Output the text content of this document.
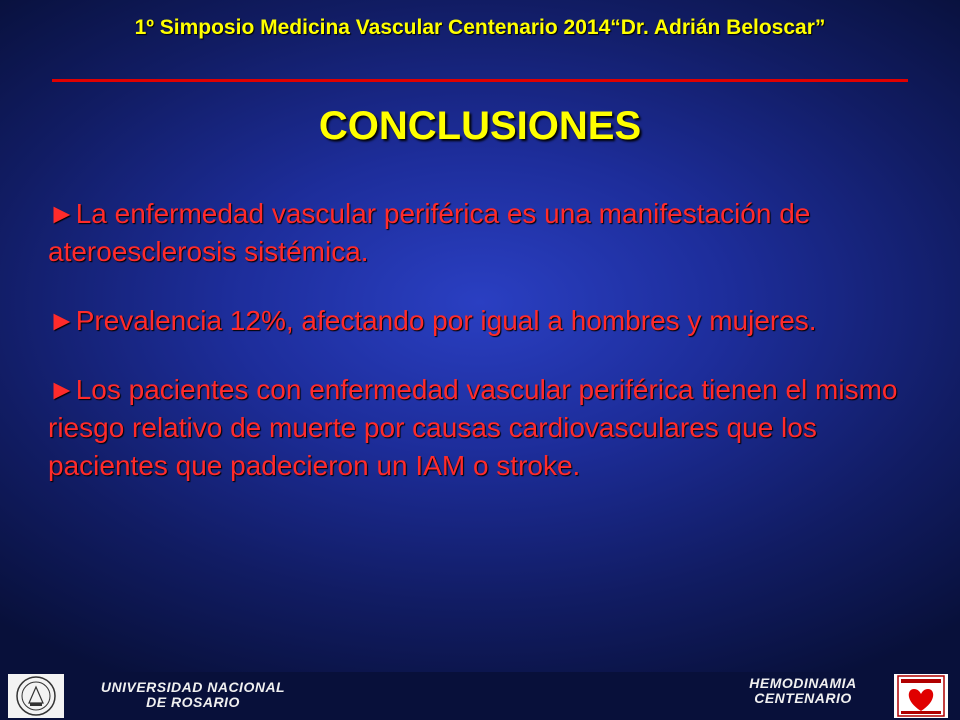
1º Simposio Medicina Vascular Centenario 2014“Dr. Adrián Beloscar”
CONCLUSIONES
►La enfermedad vascular periférica es una manifestación de ateroesclerosis sistémica.
►Prevalencia 12%, afectando por igual a hombres y mujeres.
►Los pacientes con enfermedad vascular periférica tienen el mismo riesgo relativo de muerte por causas cardiovasculares que los pacientes que padecieron un IAM o stroke.
UNIVERSIDAD NACIONAL
DE ROSARIO
HEMODINAMIA
CENTENARIO
